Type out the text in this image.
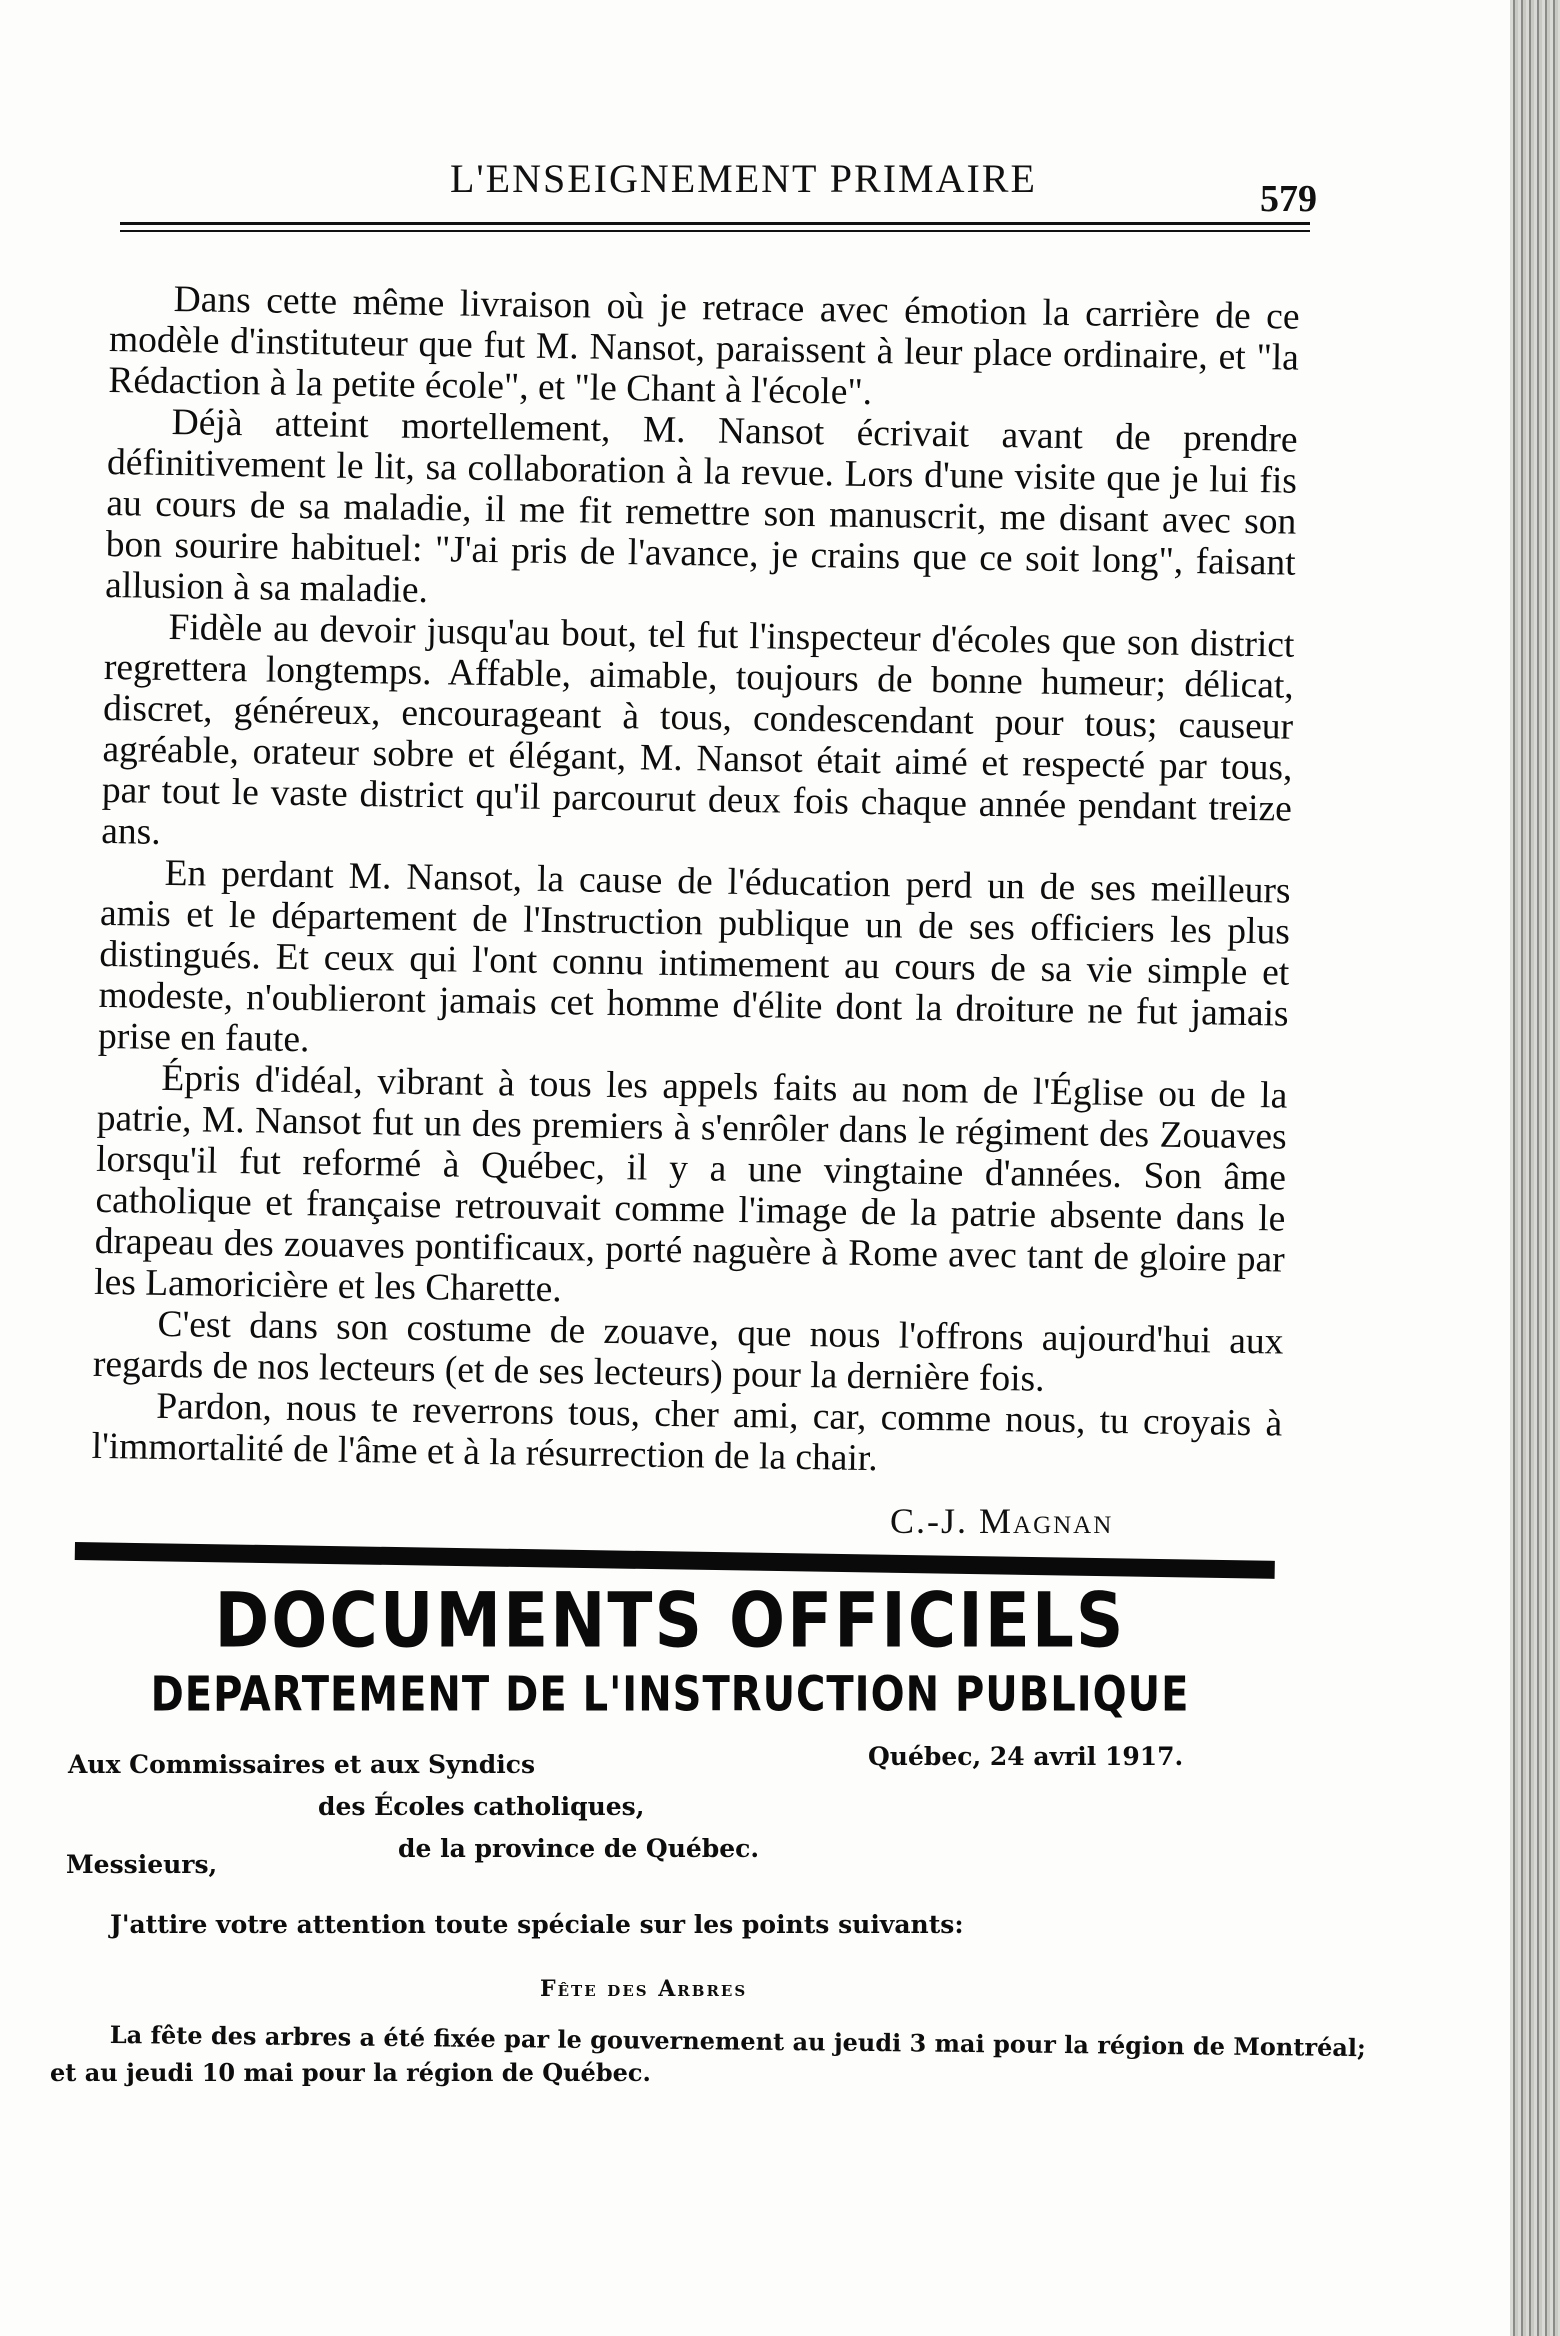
L'ENSEIGNEMENT PRIMAIRE	579

Dans cette même livraison où je retrace avec émotion la carrière de ce modèle d'instituteur que fut M. Nansot, paraissent à leur place ordinaire, et "la Rédaction à la petite école", et "le Chant à l'école".

Déjà atteint mortellement, M. Nansot écrivait avant de prendre définitivement le lit, sa collaboration à la revue. Lors d'une visite que je lui fis au cours de sa maladie, il me fit remettre son manuscrit, me disant avec son bon sourire habituel: "J'ai pris de l'avance, je crains que ce soit long", faisant allusion à sa maladie.

Fidèle au devoir jusqu'au bout, tel fut l'inspecteur d'écoles que son district regrettera longtemps. Affable, aimable, toujours de bonne humeur; délicat, discret, généreux, encourageant à tous, condescendant pour tous; causeur agréable, orateur sobre et élégant, M. Nansot était aimé et respecté par tous, par tout le vaste district qu'il parcourut deux fois chaque année pendant treize ans.

En perdant M. Nansot, la cause de l'éducation perd un de ses meilleurs amis et le département de l'Instruction publique un de ses officiers les plus distingués. Et ceux qui l'ont connu intimement au cours de sa vie simple et modeste, n'oublieront jamais cet homme d'élite dont la droiture ne fut jamais prise en faute.

Épris d'idéal, vibrant à tous les appels faits au nom de l'Église ou de la patrie, M. Nansot fut un des premiers à s'enrôler dans le régiment des Zouaves lorsqu'il fut reformé à Québec, il y a une vingtaine d'années. Son âme catholique et française retrouvait comme l'image de la patrie absente dans le drapeau des zouaves pontificaux, porté naguère à Rome avec tant de gloire par les Lamoricière et les Charette.

C'est dans son costume de zouave, que nous l'offrons aujourd'hui aux regards de nos lecteurs (et de ses lecteurs) pour la dernière fois.

Pardon, nous te reverrons tous, cher ami, car, comme nous, tu croyais à l'immortalité de l'âme et à la résurrection de la chair.

C.-J. Magnan
DOCUMENTS OFFICIELS
DEPARTEMENT DE L'INSTRUCTION PUBLIQUE
Aux Commissaires et aux Syndics
des Écoles catholiques,
de la province de Québec.
Québec, 24 avril 1917.
Messieurs,
J'attire votre attention toute spéciale sur les points suivants:
Fête des Arbres
La fête des arbres a été fixée par le gouvernement au jeudi 3 mai pour la région de Montréal;
et au jeudi 10 mai pour la région de Québec.
